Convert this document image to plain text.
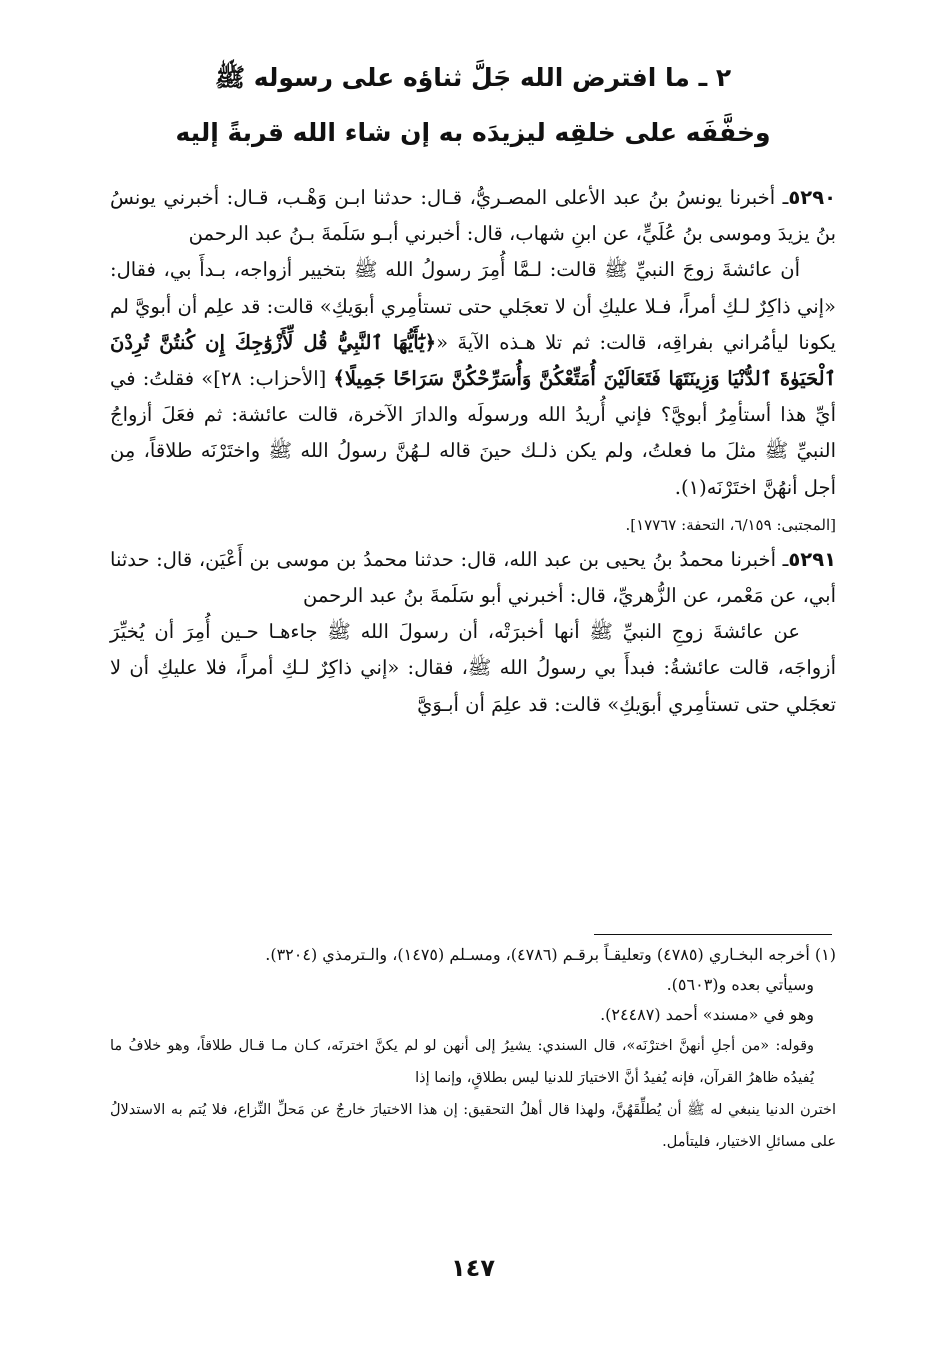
٢ ـ ما افترض الله جَلَّ ثناؤه على رسوله ﷺ
وخفَّفَه على خلقِه ليزيدَه به إن شاء الله قربةً إليه

٥٢٩٠ـ أخبرنا يونسُ بنُ عبد الأعلى المصـريُّ، قـال: حدثنا ابـن وَهْـب، قـال: أخبرني يونسُ بنُ يزيدَ وموسى بنُ عُلَيٍّ، عن ابنِ شهاب، قال: أخبرني أبـو سَلَمةَ بـنُ عبد الرحمن

أن عائشةَ زوجَ النبيِّ ﷺ قالت: لـمَّا أُمِرَ رسولُ الله ﷺ بتخيير أزواجه، بـدأَ بي، فقال: «إني ذاكِرٌ لـكِ أمراً، فـلا عليكِ أن لا تعجَلي حتى تستأمِري أبوَيكِ» قالت: قد علِم أن أبويَّ لم يكونا ليأمُراني بفراقِه، قالت: ثم تلا هـذه الآيةَ «﴿يَٰٓأَيُّهَا ٱلنَّبِيُّ قُل لِّأَزْوَٰجِكَ إِن كُنتُنَّ تُرِدْنَ ٱلْحَيَوٰةَ ٱلدُّنْيَا وَزِينَتَهَا فَتَعَالَيْنَ أُمَتِّعْكُنَّ وَأُسَرِّحْكُنَّ سَرَاحًا جَمِيلًا﴾ [الأحزاب: ٢٨]» فقلتُ: في أيِّ هذا أستأمِرُ أبويَّ؟ فإني أُريدُ الله ورسولَه والدارَ الآخرة، قالت عائشة: ثم فعَلَ أزواجُ النبيِّ ﷺ مثلَ ما فعلتُ، ولم يكن ذلـك حينَ قاله لـهُنَّ رسولُ الله ﷺ واختَرْنَه طلاقاً، مِن أجل أنهُنَّ اختَرْنَه(١).

[المجتبى: ٦/١٥٩، التحفة: ١٧٧٦٧].

٥٢٩١ـ أخبرنا محمدُ بنُ يحيى بن عبد الله، قال: حدثنا محمدُ بن موسى بن أَعْيَن، قال: حدثنا أبي، عن مَعْمر، عن الزُّهريِّ، قال: أخبرني أبو سَلَمةَ بنُ عبد الرحمن

عن عائشةَ زوجِ النبيِّ ﷺ أنها أخبرَتْه، أن رسولَ الله ﷺ جاءهـا حـين أُمِرَ أن يُخيِّرَ أزواجَه، قالت عائشةُ: فبدأَ بي رسولُ الله ﷺ، فقال: «إني ذاكِرٌ لـكِ أمراً، فلا عليكِ أن لا تعجَلي حتى تستأمِري أبوَيكِ» قالت: قد علِمَ أن أبـوَيَّ

(١) أخرجه البخـاري (٤٧٨٥) وتعليقـاً برقـم (٤٧٨٦)، ومسـلم (١٤٧٥)، والـترمذي (٣٢٠٤).

وسيأتي بعده و(٥٦٠٣).

وهو في «مسند» أحمد (٢٤٤٨٧).

وقوله: «من أجلِ أنهنَّ اخترْنَه»، قال السندي: يشيرُ إلى أنهن لو لم يكنَّ اخترنَه، كـان مـا قـال طلاقاً، وهو خلافُ ما يُفيدُه ظاهرُ القرآن، فإنه يُفيدُ أنَّ الاختيارَ للدنيا ليس بطلاقٍ، وإنما إذا

اخترن الدنيا ينبغي له ﷺ أن يُطلِّقَهُنَّ، ولهذا قال أهلُ التحقيق: إن هذا الاختيارَ خارجٌ عن مَحلِّ النِّزاع، فلا يُتم به الاستدلالُ على مسائلِ الاختيار، فليتأمل.

١٤٧
